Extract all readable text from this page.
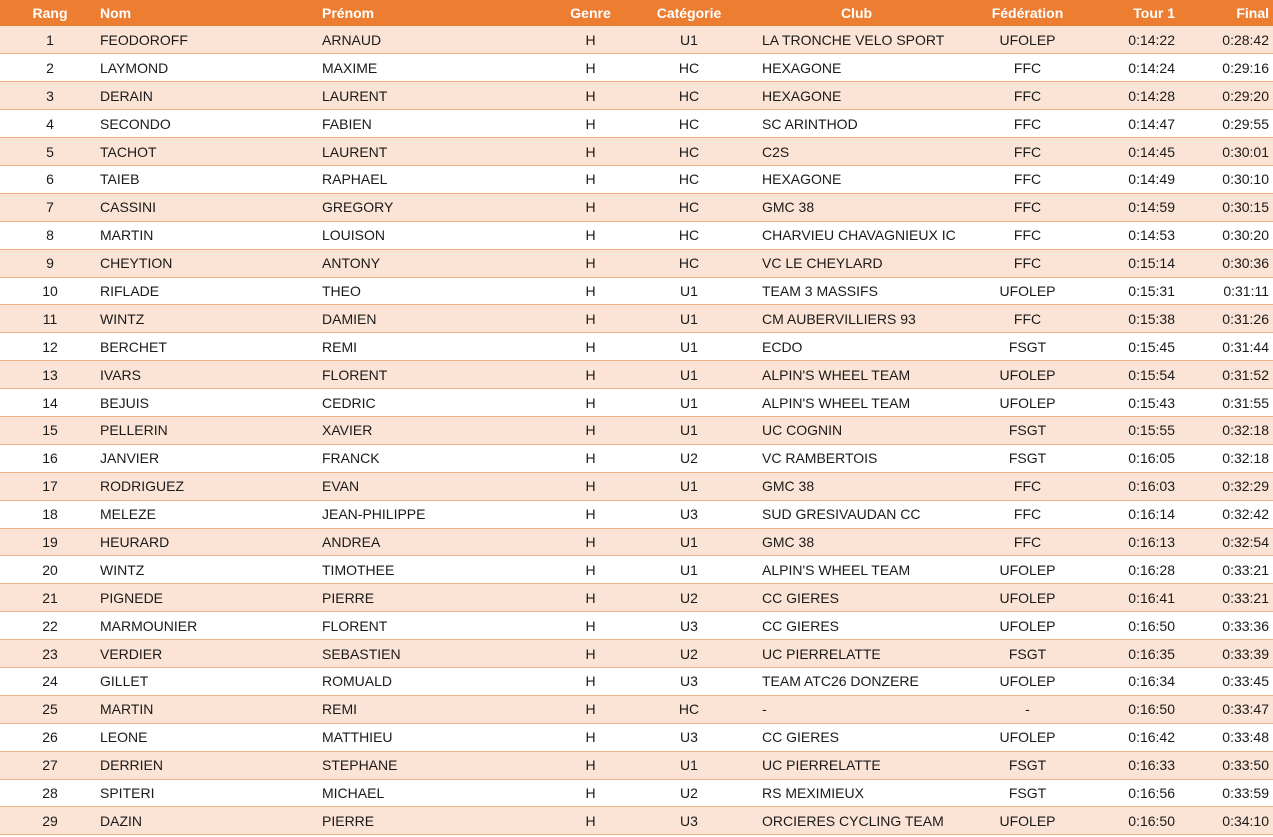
Rang	Nom	Prénom	Genre	Catégorie	Club	Fédération	Tour 1	Final
1	FEODOROFF	ARNAUD	H	U1	LA TRONCHE VELO SPORT	UFOLEP	0:14:22	0:28:42
2	LAYMOND	MAXIME	H	HC	HEXAGONE	FFC	0:14:24	0:29:16
3	DERAIN	LAURENT	H	HC	HEXAGONE	FFC	0:14:28	0:29:20
4	SECONDO	FABIEN	H	HC	SC ARINTHOD	FFC	0:14:47	0:29:55
5	TACHOT	LAURENT	H	HC	C2S	FFC	0:14:45	0:30:01
6	TAIEB	RAPHAEL	H	HC	HEXAGONE	FFC	0:14:49	0:30:10
7	CASSINI	GREGORY	H	HC	GMC 38	FFC	0:14:59	0:30:15
8	MARTIN	LOUISON	H	HC	CHARVIEU CHAVAGNIEUX IC	FFC	0:14:53	0:30:20
9	CHEYTION	ANTONY	H	HC	VC LE CHEYLARD	FFC	0:15:14	0:30:36
10	RIFLADE	THEO	H	U1	TEAM 3 MASSIFS	UFOLEP	0:15:31	0:31:11
11	WINTZ	DAMIEN	H	U1	CM AUBERVILLIERS 93	FFC	0:15:38	0:31:26
12	BERCHET	REMI	H	U1	ECDO	FSGT	0:15:45	0:31:44
13	IVARS	FLORENT	H	U1	ALPIN'S WHEEL TEAM	UFOLEP	0:15:54	0:31:52
14	BEJUIS	CEDRIC	H	U1	ALPIN'S WHEEL TEAM	UFOLEP	0:15:43	0:31:55
15	PELLERIN	XAVIER	H	U1	UC COGNIN	FSGT	0:15:55	0:32:18
16	JANVIER	FRANCK	H	U2	VC RAMBERTOIS	FSGT	0:16:05	0:32:18
17	RODRIGUEZ	EVAN	H	U1	GMC 38	FFC	0:16:03	0:32:29
18	MELEZE	JEAN-PHILIPPE	H	U3	SUD GRESIVAUDAN CC	FFC	0:16:14	0:32:42
19	HEURARD	ANDREA	H	U1	GMC 38	FFC	0:16:13	0:32:54
20	WINTZ	TIMOTHEE	H	U1	ALPIN'S WHEEL TEAM	UFOLEP	0:16:28	0:33:21
21	PIGNEDE	PIERRE	H	U2	CC GIERES	UFOLEP	0:16:41	0:33:21
22	MARMOUNIER	FLORENT	H	U3	CC GIERES	UFOLEP	0:16:50	0:33:36
23	VERDIER	SEBASTIEN	H	U2	UC PIERRELATTE	FSGT	0:16:35	0:33:39
24	GILLET	ROMUALD	H	U3	TEAM ATC26 DONZERE	UFOLEP	0:16:34	0:33:45
25	MARTIN	REMI	H	HC	-	-	0:16:50	0:33:47
26	LEONE	MATTHIEU	H	U3	CC GIERES	UFOLEP	0:16:42	0:33:48
27	DERRIEN	STEPHANE	H	U1	UC PIERRELATTE	FSGT	0:16:33	0:33:50
28	SPITERI	MICHAEL	H	U2	RS MEXIMIEUX	FSGT	0:16:56	0:33:59
29	DAZIN	PIERRE	H	U3	ORCIERES CYCLING TEAM	UFOLEP	0:16:50	0:34:10
